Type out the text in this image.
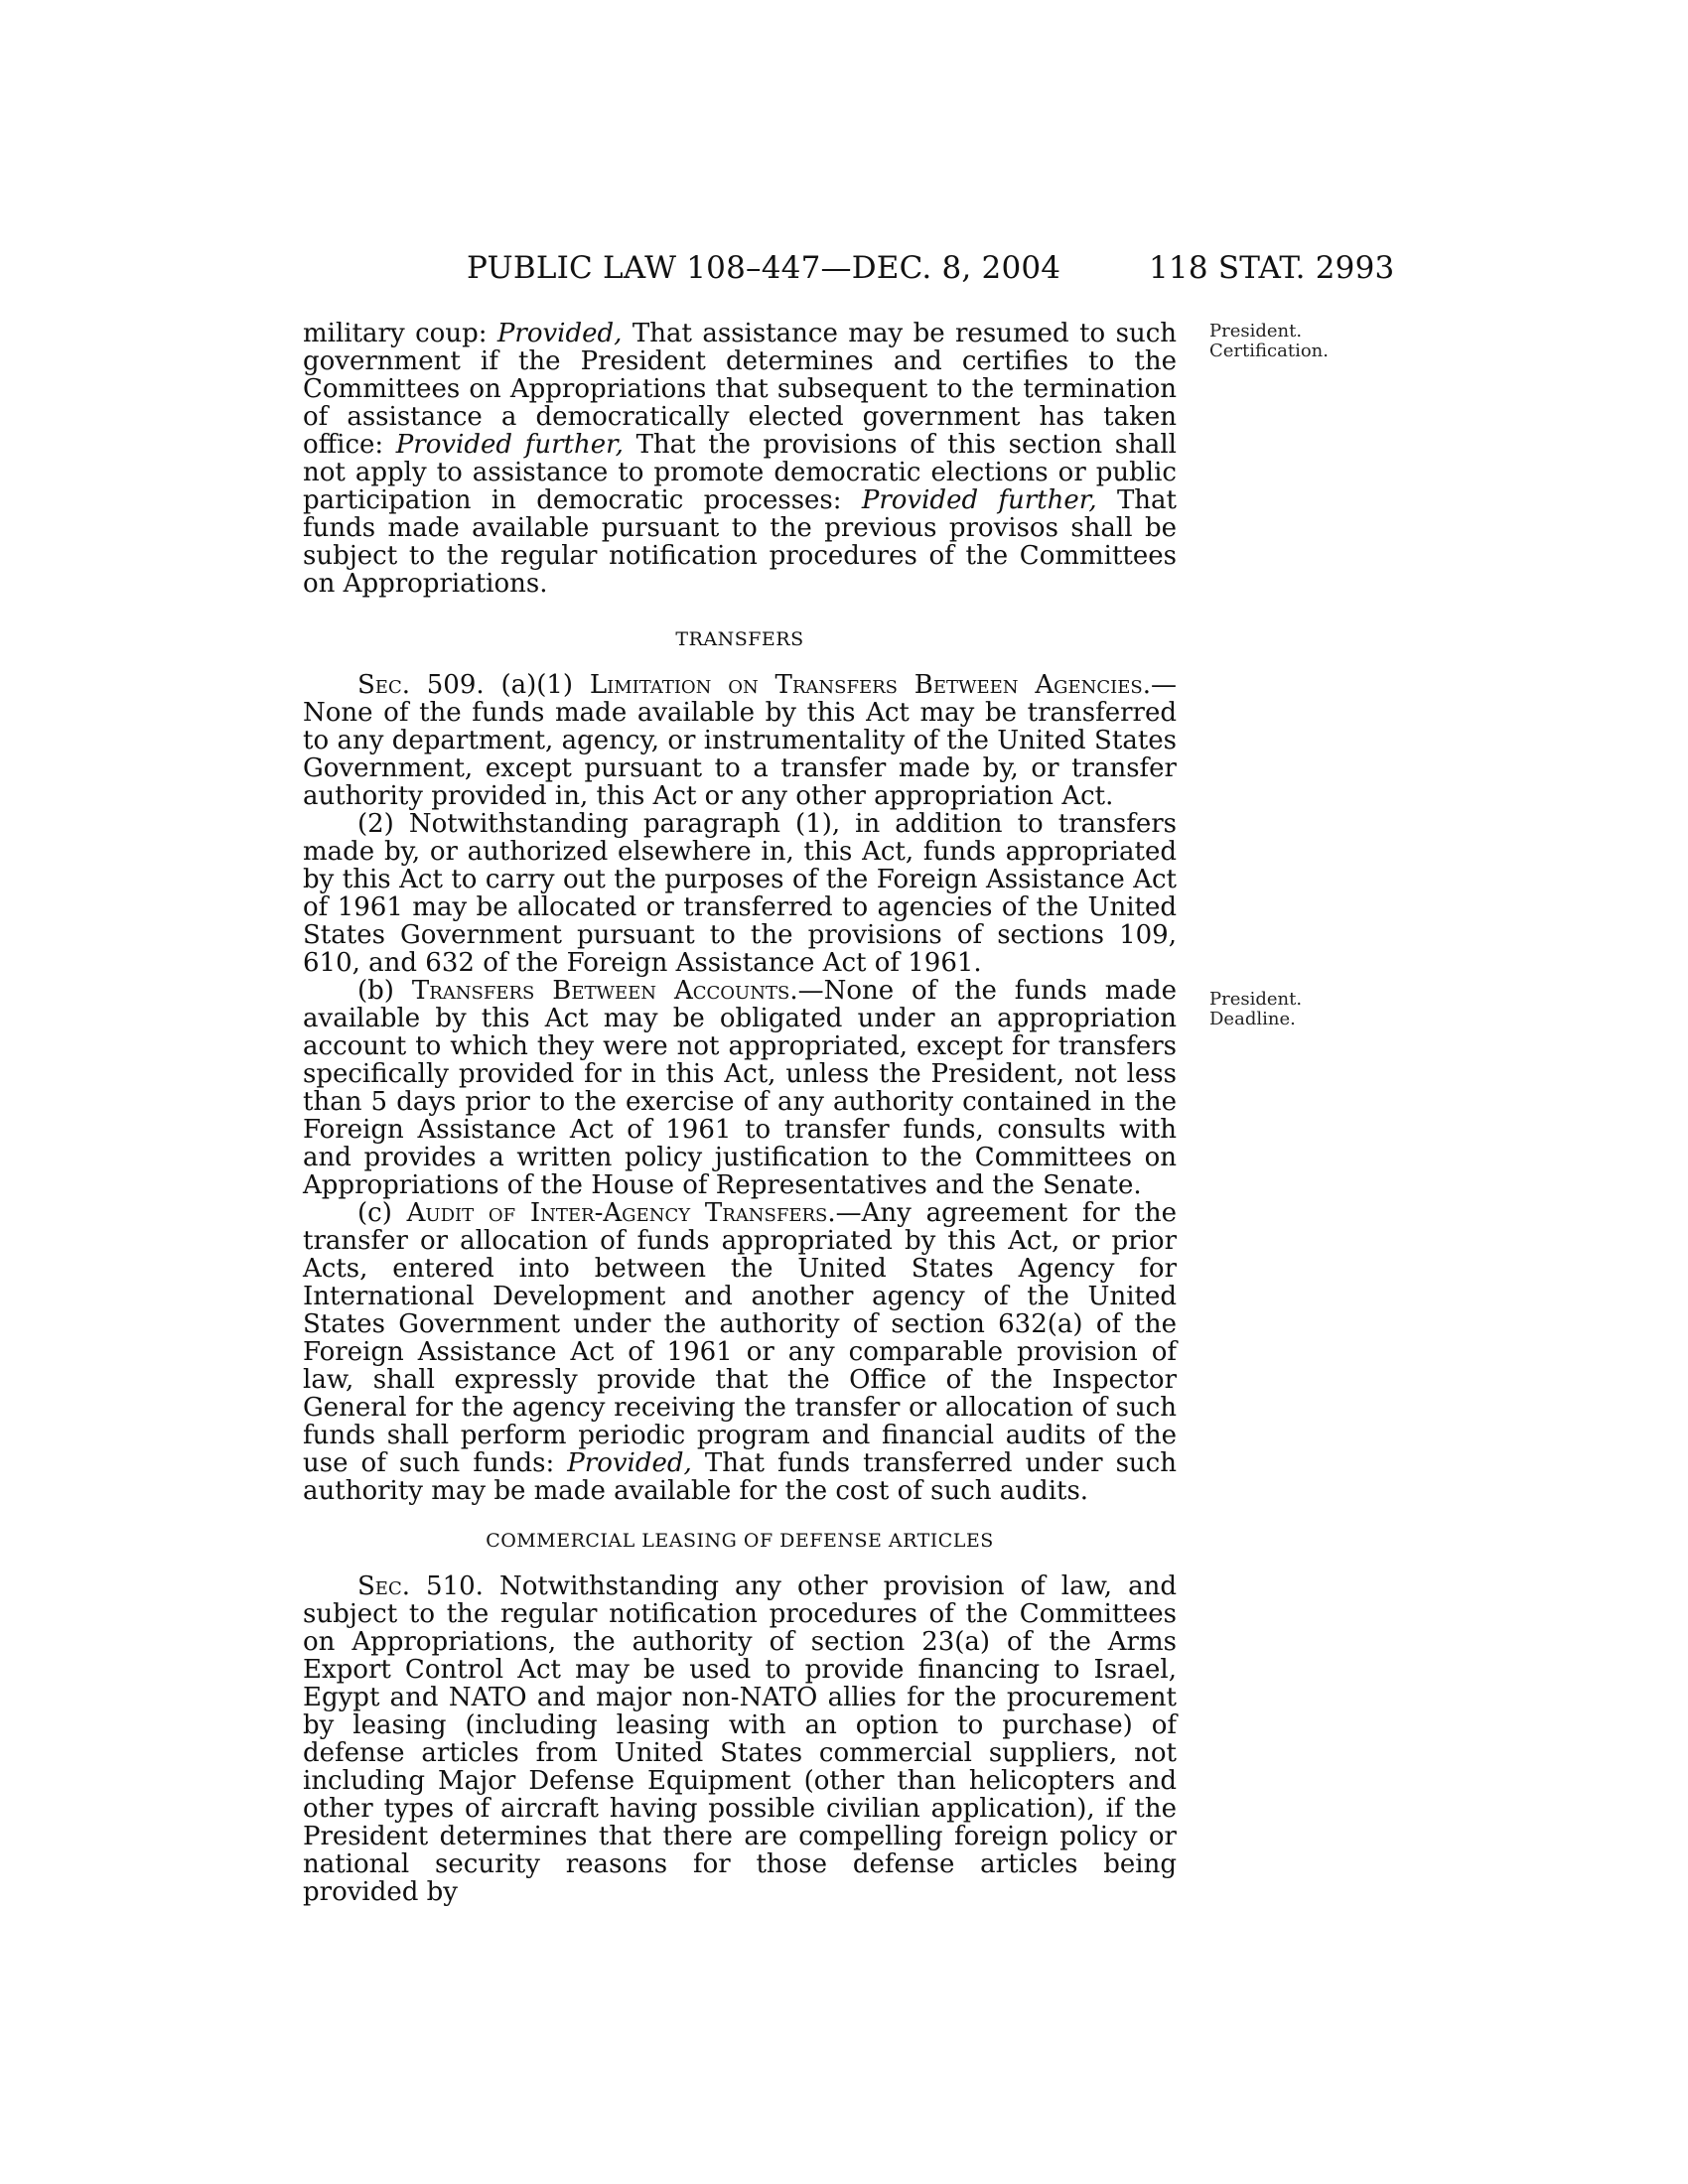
PUBLIC LAW 108–447—DEC. 8, 2004	118 STAT. 2993
President.
Certification.
President.
Deadline.

military coup: Provided, That assistance may be resumed to such government if the President determines and certifies to the Committees on Appropriations that subsequent to the termination of assistance a democratically elected government has taken office: Provided further, That the provisions of this section shall not apply to assistance to promote democratic elections or public participation in democratic processes: Provided further, That funds made available pursuant to the previous provisos shall be subject to the regular notification procedures of the Committees on Appropriations.

TRANSFERS

Sec. 509. (a)(1) Limitation on Transfers Between Agencies.—None of the funds made available by this Act may be transferred to any department, agency, or instrumentality of the United States Government, except pursuant to a transfer made by, or transfer authority provided in, this Act or any other appropriation Act.

(2) Notwithstanding paragraph (1), in addition to transfers made by, or authorized elsewhere in, this Act, funds appropriated by this Act to carry out the purposes of the Foreign Assistance Act of 1961 may be allocated or transferred to agencies of the United States Government pursuant to the provisions of sections 109, 610, and 632 of the Foreign Assistance Act of 1961.

(b) Transfers Between Accounts.—None of the funds made available by this Act may be obligated under an appropriation account to which they were not appropriated, except for transfers specifically provided for in this Act, unless the President, not less than 5 days prior to the exercise of any authority contained in the Foreign Assistance Act of 1961 to transfer funds, consults with and provides a written policy justification to the Committees on Appropriations of the House of Representatives and the Senate.

(c) Audit of Inter-Agency Transfers.—Any agreement for the transfer or allocation of funds appropriated by this Act, or prior Acts, entered into between the United States Agency for International Development and another agency of the United States Government under the authority of section 632(a) of the Foreign Assistance Act of 1961 or any comparable provision of law, shall expressly provide that the Office of the Inspector General for the agency receiving the transfer or allocation of such funds shall perform periodic program and financial audits of the use of such funds: Provided, That funds transferred under such authority may be made available for the cost of such audits.

COMMERCIAL LEASING OF DEFENSE ARTICLES

Sec. 510. Notwithstanding any other provision of law, and subject to the regular notification procedures of the Committees on Appropriations, the authority of section 23(a) of the Arms Export Control Act may be used to provide financing to Israel, Egypt and NATO and major non-NATO allies for the procurement by leasing (including leasing with an option to purchase) of defense articles from United States commercial suppliers, not including Major Defense Equipment (other than helicopters and other types of aircraft having possible civilian application), if the President determines that there are compelling foreign policy or national security reasons for those defense articles being provided by
